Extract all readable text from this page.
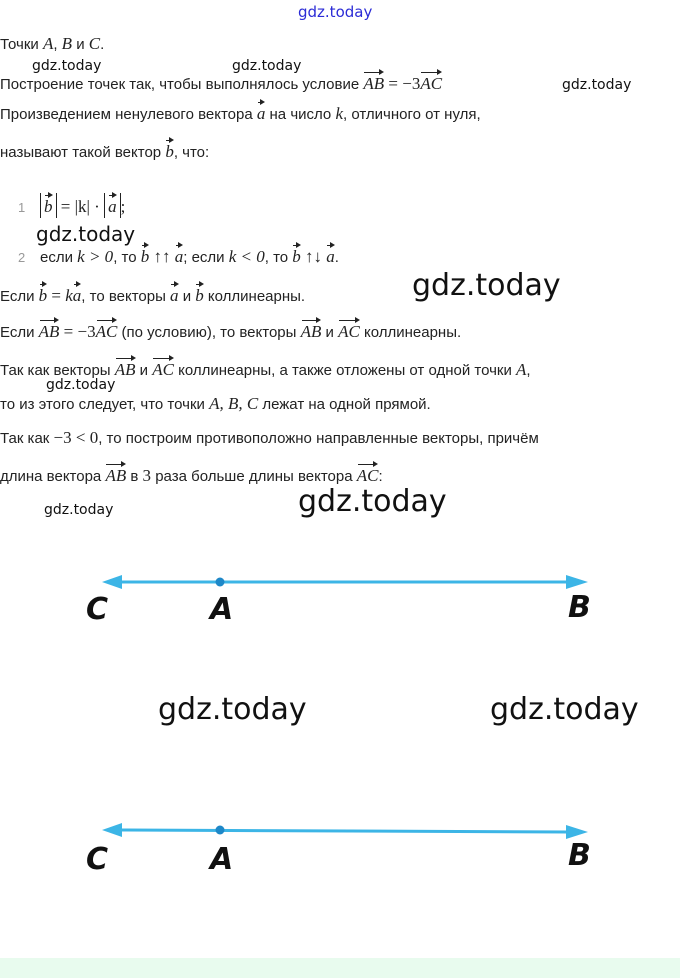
gdz.today
gdz.today	gdz.today
gdz.today
gdz.today
gdz.today
gdz.today
gdz.today	gdz.today
gdz.today	gdz.today
Точки A, B и C.
Построение точек так, чтобы выполнялось условие AB = −3AC
Произведением ненулевого вектора a на число k, отличного от нуля,
называют такой вектор b, что:
1 b = |k| · a ;
2 если k > 0, то b ↑↑ a; если k < 0, то b ↑↓ a.
Если b = ka, то векторы a и b коллинеарны.
Если AB = −3AC (по условию), то векторы AB и AC коллинеарны.
Так как векторы AB и AC коллинеарны, а также отложены от одной точки A,
то из этого следует, что точки A, B, C лежат на одной прямой.
Так как −3 < 0, то построим противоположно направленные векторы, причём
длина вектора AB в 3 раза больше длины вектора AC:
C	A	B
C	A	B
